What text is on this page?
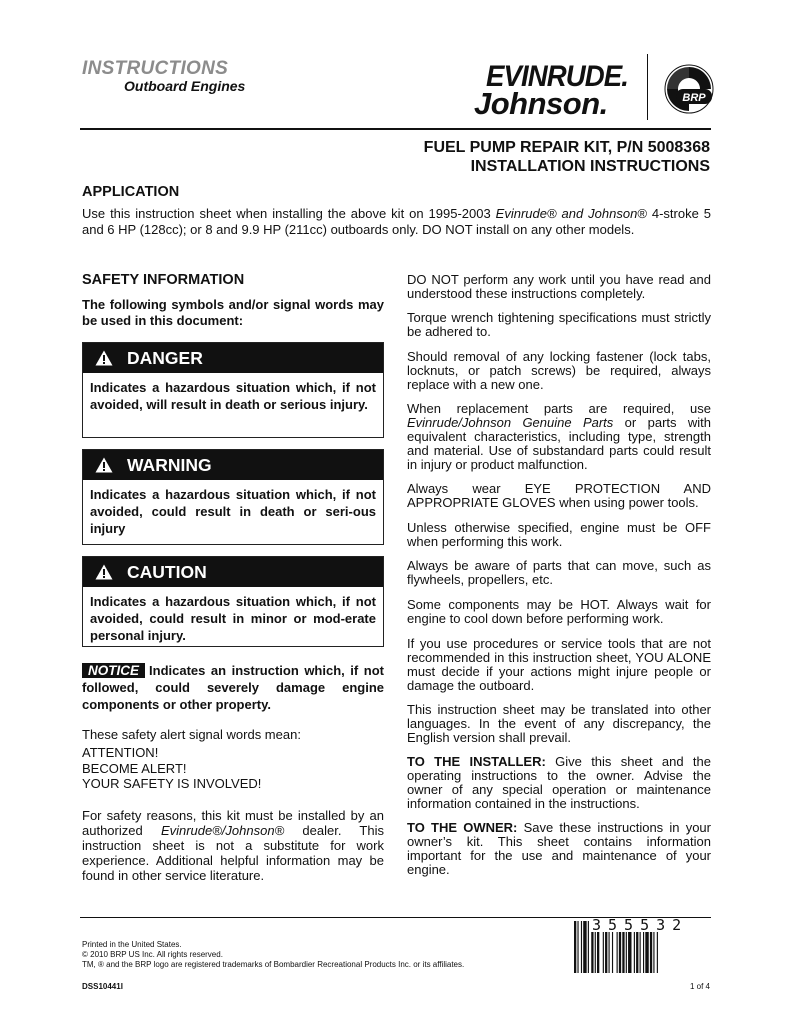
INSTRUCTIONS
Outboard Engines	EVINRUDE.
Johnson.	BRP
FUEL PUMP REPAIR KIT, P/N 5008368
INSTALLATION INSTRUCTIONS
APPLICATION
Use this instruction sheet when installing the above kit on 1995-2003 Evinrude® and Johnson® 4-stroke 5 and 6 HP (128cc); or 8 and 9.9 HP (211cc) outboards only. DO NOT install on any other models.
SAFETY INFORMATION
The following symbols and/or signal words may be used in this document:
DANGER
Indicates a hazardous situation which, if not avoided, will result in death or serious injury.
WARNING
Indicates a hazardous situation which, if not avoided, could result in death or seri-ous injury
CAUTION
Indicates a hazardous situation which, if not avoided, could result in minor or mod-erate personal injury.
NOTICE Indicates an instruction which, if not followed, could severely damage engine components or other property.
These safety alert signal words mean:
ATTENTION!
BECOME ALERT!
YOUR SAFETY IS INVOLVED!
For safety reasons, this kit must be installed by an authorized Evinrude®/Johnson® dealer. This instruction sheet is not a substitute for work experience. Additional helpful information may be found in other service literature.
DO NOT perform any work until you have read and understood these instructions completely.
Torque wrench tightening specifications must strictly be adhered to.
Should removal of any locking fastener (lock tabs, locknuts, or patch screws) be required, always replace with a new one.
When replacement parts are required, use Evinrude/Johnson Genuine Parts or parts with equivalent characteristics, including type, strength and material. Use of substandard parts could result in injury or product malfunction.
Always wear EYE PROTECTION AND APPROPRIATE GLOVES when using power tools.
Unless otherwise specified, engine must be OFF when performing this work.
Always be aware of parts that can move, such as flywheels, propellers, etc.
Some components may be HOT. Always wait for engine to cool down before performing work.
If you use procedures or service tools that are not recommended in this instruction sheet, YOU ALONE must decide if your actions might injure people or damage the outboard.
This instruction sheet may be translated into other languages. In the event of any discrepancy, the English version shall prevail.
TO THE INSTALLER: Give this sheet and the operating instructions to the owner. Advise the owner of any special operation or maintenance information contained in the instructions.
TO THE OWNER: Save these instructions in your owner’s kit. This sheet contains information important for the use and maintenance of your engine.
Printed in the United States.
© 2010 BRP US Inc. All rights reserved.
TM, ® and the BRP logo are registered trademarks of Bombardier Recreational Products Inc. or its affiliates.
DSS10441I	1 of 4
355532
